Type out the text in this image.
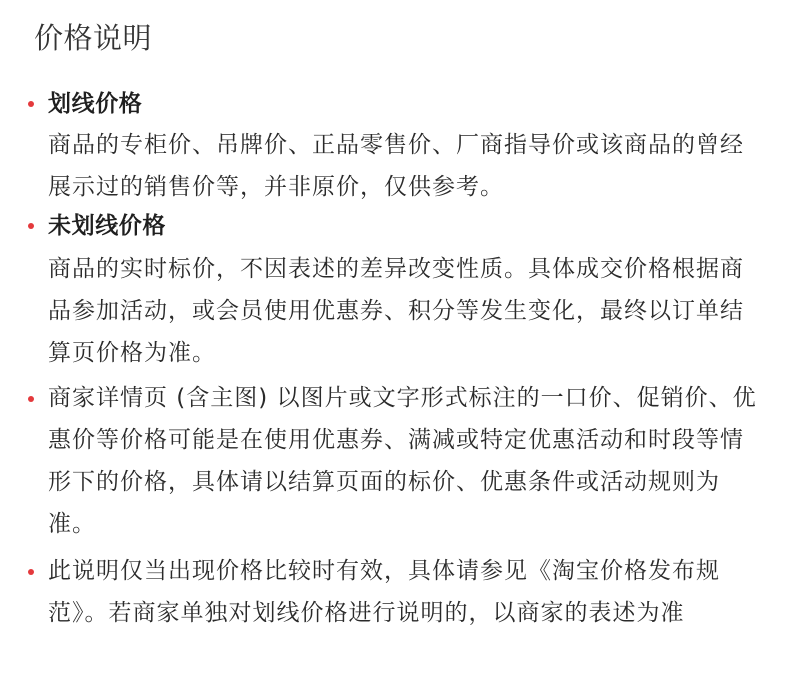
价格说明
划线价格
商品的专柜价、吊牌价、正品零售价、厂商指导价或该商品的曾经展示过的销售价等，并非原价，仅供参考。
未划线价格
商品的实时标价，不因表述的差异改变性质。具体成交价格根据商品参加活动，或会员使用优惠券、积分等发生变化，最终以订单结算页价格为准。
商家详情页 (含主图) 以图片或文字形式标注的一口价、促销价、优惠价等价格可能是在使用优惠券、满减或特定优惠活动和时段等情形下的价格，具体请以结算页面的标价、优惠条件或活动规则为准。
此说明仅当出现价格比较时有效，具体请参见《淘宝价格发布规范》。若商家单独对划线价格进行说明的，以商家的表述为准
